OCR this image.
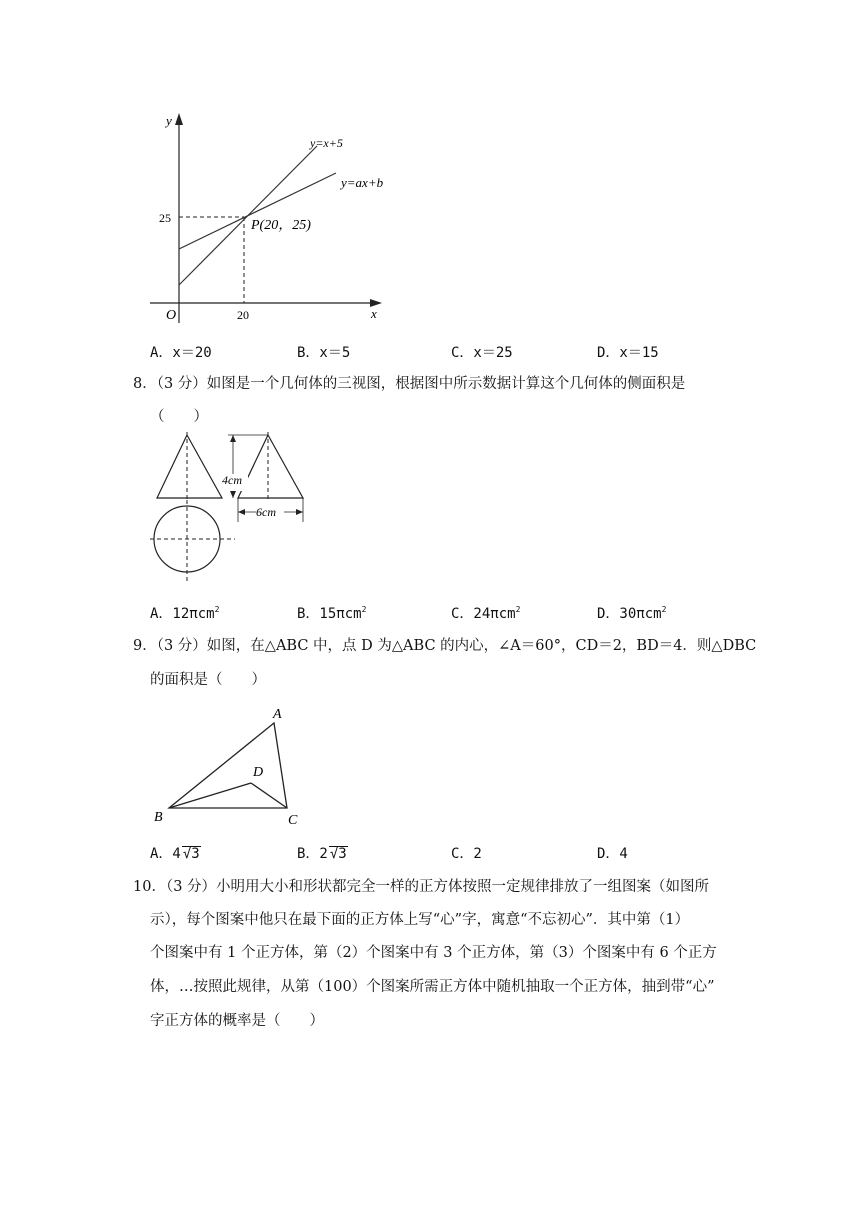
y
x
O
25
20
y=x+5
y=ax+b
P(20，25)
A．x＝20	B．x＝5	C．x＝25	D．x＝15
8．（3 分）如图是一个几何体的三视图，根据图中所示数据计算这个几何体的侧面积是
（　　）
4cm
6cm
A．12πcm$^2$	B．15πcm$^2$	C．24πcm$^2$	D．30πcm$^2$
9．（3 分）如图，在△ABC 中，点 D 为△ABC 的内心，∠A＝60°，CD＝2，BD＝4．则△DBC
的面积是（　　）
A
B	C
D
A．4 √3	B．2 √3	C．2	D．4
10．（3 分）小明用大小和形状都完全一样的正方体按照一定规律排放了一组图案（如图所
示），每个图案中他只在最下面的正方体上写“心”字，寓意“不忘初心”．其中第（1）
个图案中有 1 个正方体，第（2）个图案中有 3 个正方体，第（3）个图案中有 6 个正方
体，…按照此规律，从第（100）个图案所需正方体中随机抽取一个正方体，抽到带“心”
字正方体的概率是（　　）
